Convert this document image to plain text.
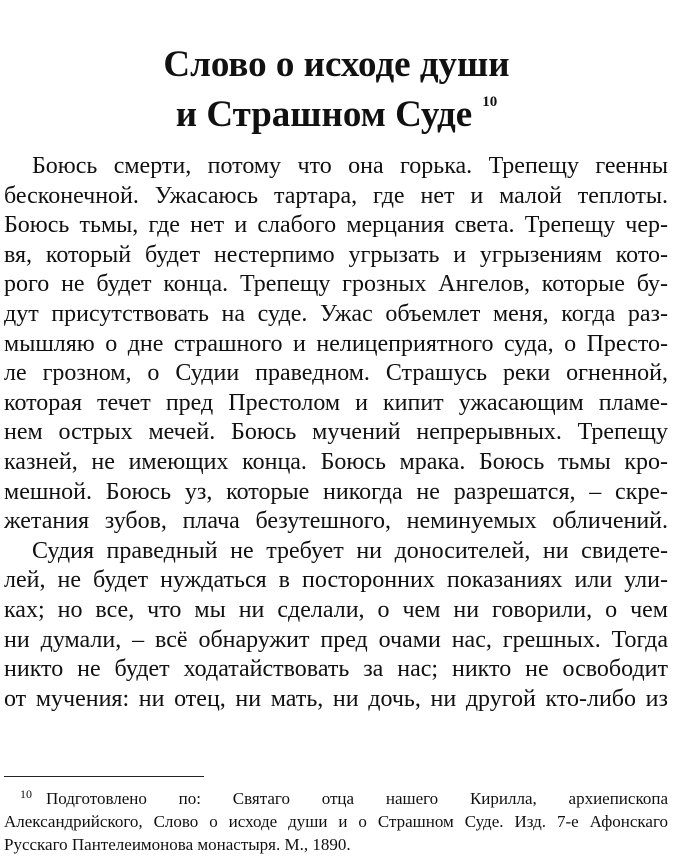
Слово о исходе души
и Страшном Суде $^{10}$

Боюсь смерти, потому что она горька. Трепещу геенны
бесконечной. Ужасаюсь тартара, где нет и малой теплоты.
Боюсь тьмы, где нет и слабого мерцания света. Трепещу чер-
вя, который будет нестерпимо угрызать и угрызениям кото-
рого не будет конца. Трепещу грозных Ангелов, которые бу-
дут присутствовать на суде. Ужас объемлет меня, когда раз-
мышляю о дне страшного и нелицеприятного суда, о Престо-
ле грозном, о Судии праведном. Страшусь реки огненной,
которая течет пред Престолом и кипит ужасающим пламе-
нем острых мечей. Боюсь мучений непрерывных. Трепещу
казней, не имеющих конца. Боюсь мрака. Боюсь тьмы кро-
мешной. Боюсь уз, которые никогда не разрешатся, – скре-
жетания зубов, плача безутешного, неминуемых обличений.

Судия праведный не требует ни доносителей, ни свидете-
лей, не будет нуждаться в посторонних показаниях или ули-
ках; но все, что мы ни сделали, о чем ни говорили, о чем
ни думали, – всё обнаружит пред очами нас, грешных. Тогда
никто не будет ходатайствовать за нас; никто не освободит
от мучения: ни отец, ни мать, ни дочь, ни другой кто-либо из

$^{10}$ Подготовлено по: Святаго отца нашего Кирилла, архиепископа
Александрийского, Слово о исходе души и о Страшном Суде. Изд. 7-е Афонскаго
Русскаго Пантелеимонова монастыря. М., 1890.
